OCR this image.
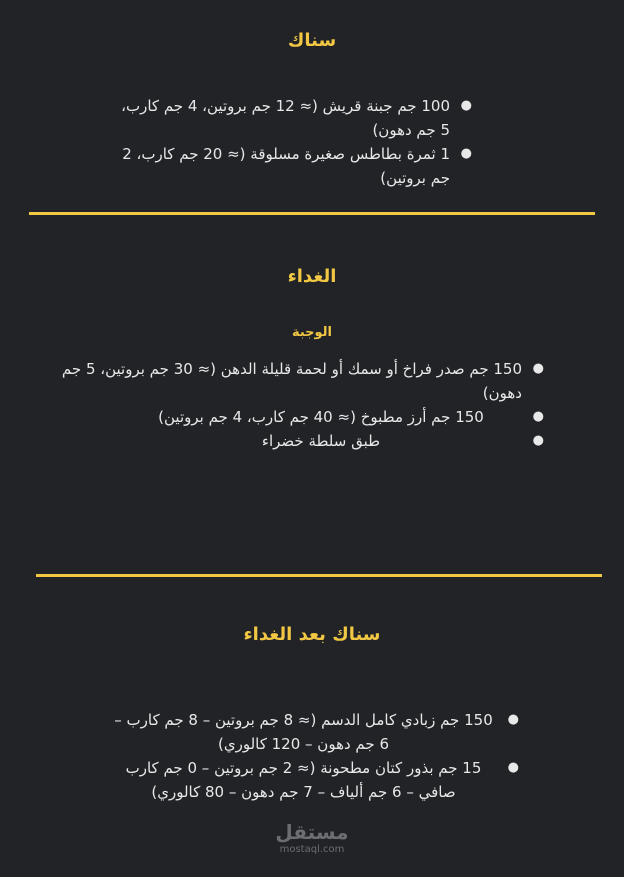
سناك
●
100 جم جبنة قريش (≈ 12 جم بروتين، 4 جم كارب، 5 جم دهون)
●
1 ثمرة بطاطس صغيرة مسلوقة (≈ 20 جم كارب، 2 جم بروتين)
الغداء
الوجبة
●
150 جم صدر فراخ أو سمك أو لحمة قليلة الدهن (≈ 30 جم بروتين، 5 جم دهون)
●
150 جم أرز مطبوخ (≈ 40 جم كارب، 4 جم بروتين)
●
طبق سلطة خضراء
سناك بعد الغداء
●
150 جم زبادي كامل الدسم (≈ 8 جم بروتين – 8 جم كارب – 6 جم دهون – 120 كالوري)
●
15 جم بذور كتان مطحونة (≈ 2 جم بروتين – 0 جم كارب صافي – 6 جم ألياف – 7 جم دهون – 80 كالوري)
مستقل
mostaql.com
